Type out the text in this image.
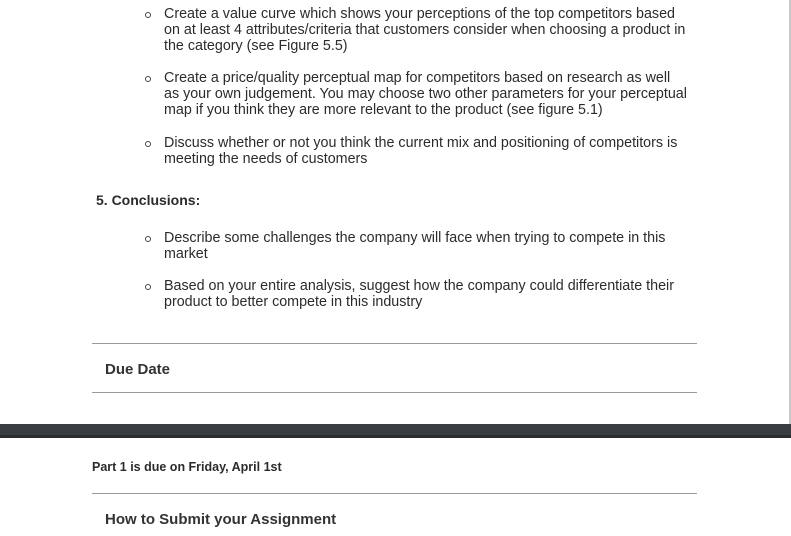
Create a value curve which shows your perceptions of the top competitors based on at least 4 attributes/criteria that customers consider when choosing a product in the category (see Figure 5.5)
Create a price/quality perceptual map for competitors based on research as well as your own judgement. You may choose two other parameters for your perceptual map if you think they are more relevant to the product (see figure 5.1)
Discuss whether or not you think the current mix and positioning of competitors is meeting the needs of customers
5. Conclusions:
Describe some challenges the company will face when trying to compete in this market
Based on your entire analysis, suggest how the company could differentiate their product to better compete in this industry
Due Date
Part 1 is due on Friday, April 1st
How to Submit your Assignment
